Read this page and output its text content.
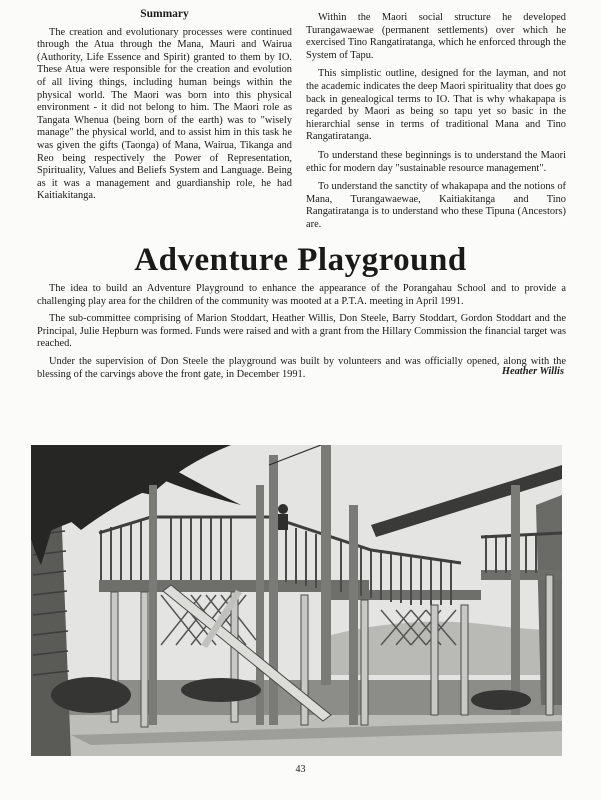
Summary

The creation and evolutionary processes were continued through the Atua through the Mana, Mauri and Wairua (Authority, Life Essence and Spirit) granted to them by IO. These Atua were responsible for the creation and evolution of all living things, including human beings within the physical world. The Maori was born into this physical environment - it did not belong to him. The Maori role as Tangata Whenua (being born of the earth) was to "wisely manage" the physical world, and to assist him in this task he was given the gifts (Taonga) of Mana, Wairua, Tikanga and Reo being respectively the Power of Representation, Spirituality, Values and Beliefs System and Language. Being as it was a management and guardianship role, he had Kaitiakitanga.

Within the Maori social structure he developed Turangawaewae (permanent settlements) over which he exercised Tino Rangatiratanga, which he enforced through the System of Tapu.

This simplistic outline, designed for the layman, and not the academic indicates the deep Maori spirituality that does go back in genealogical terms to IO. That is why whakapapa is regarded by Maori as being so tapu yet so basic in the hierarchial sense in terms of traditional Mana and Tino Rangatiratanga.

To understand these beginnings is to understand the Maori ethic for modern day "sustainable resource management".

To understand the sanctity of whakapapa and the notions of Mana, Turangawaewae, Kaitiakitanga and Tino Rangatiratanga is to understand who these Tipuna (Ancestors) are.

Adventure Playground

The idea to build an Adventure Playground to enhance the appearance of the Porangahau School and to provide a challenging play area for the children of the community was mooted at a P.T.A. meeting in April 1991.

The sub-committee comprising of Marion Stoddart, Heather Willis, Don Steele, Barry Stoddart, Gordon Stoddart and the Principal, Julie Hepburn was formed. Funds were raised and with a grant from the Hillary Commission the financial target was reached.

Under the supervision of Don Steele the playground was built by volunteers and was officially opened, along with the blessing of the carvings above the front gate, in December 1991.	Heather Willis
43
